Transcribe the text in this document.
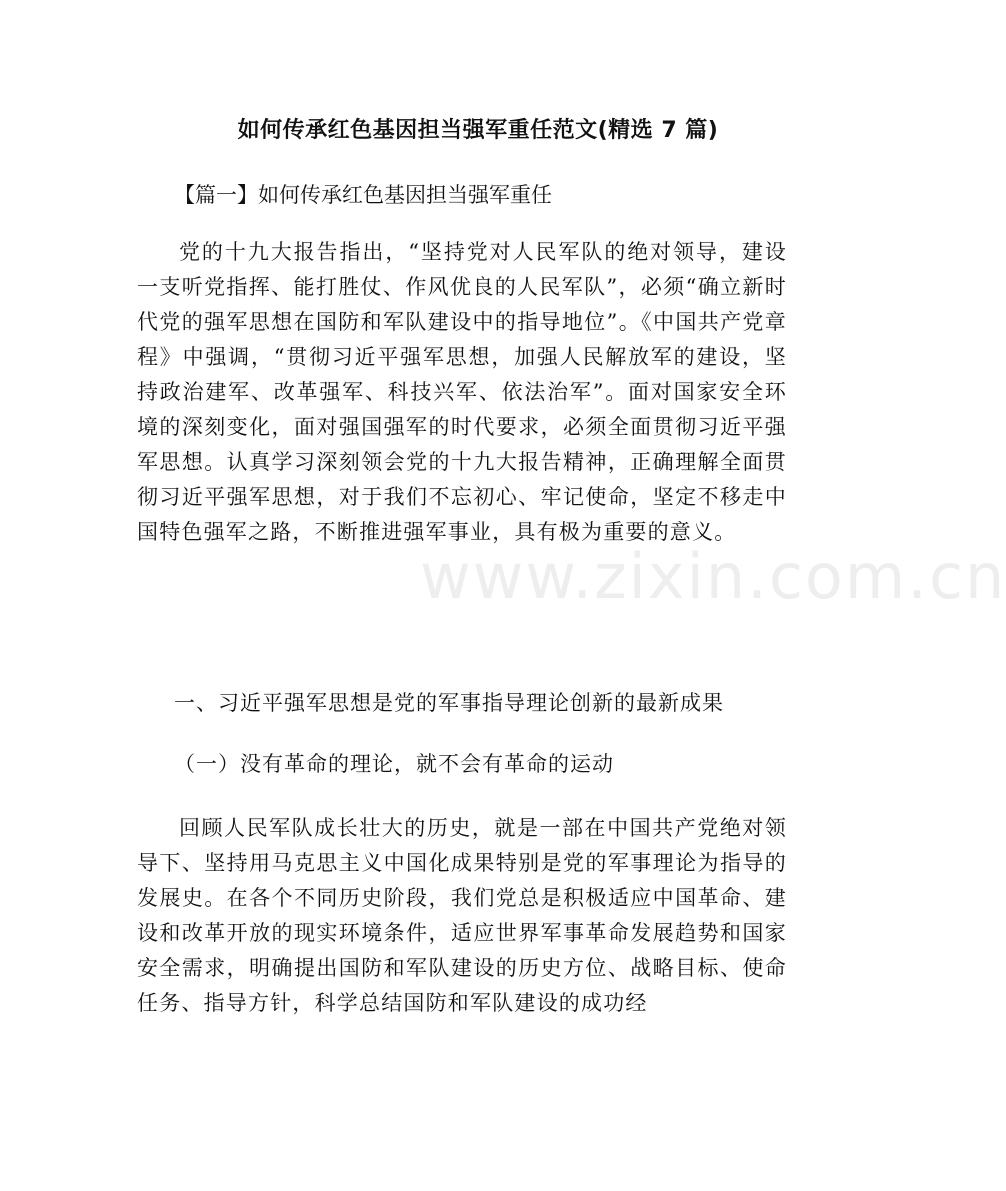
如何传承红色基因担当强军重任范文(精选 7 篇)
【篇一】如何传承红色基因担当强军重任
党的十九大报告指出，“坚持党对人民军队的绝对领导，建设一支听党指挥、能打胜仗、作风优良的人民军队”，必须“确立新时代党的强军思想在国防和军队建设中的指导地位”。《中国共产党章程》中强调，“贯彻习近平强军思想，加强人民解放军的建设，坚持政治建军、改革强军、科技兴军、依法治军”。面对国家安全环境的深刻变化，面对强国强军的时代要求，必须全面贯彻习近平强军思想。认真学习深刻领会党的十九大报告精神，正确理解全面贯彻习近平强军思想，对于我们不忘初心、牢记使命，坚定不移走中国特色强军之路，不断推进强军事业，具有极为重要的意义。
一、习近平强军思想是党的军事指导理论创新的最新成果
（一）没有革命的理论，就不会有革命的运动
回顾人民军队成长壮大的历史，就是一部在中国共产党绝对领导下、坚持用马克思主义中国化成果特别是党的军事理论为指导的发展史。在各个不同历史阶段，我们党总是积极适应中国革命、建设和改革开放的现实环境条件，适应世界军事革命发展趋势和国家安全需求，明确提出国防和军队建设的历史方位、战略目标、使命任务、指导方针，科学总结国防和军队建设的成功经
www.zixin.com.cn
